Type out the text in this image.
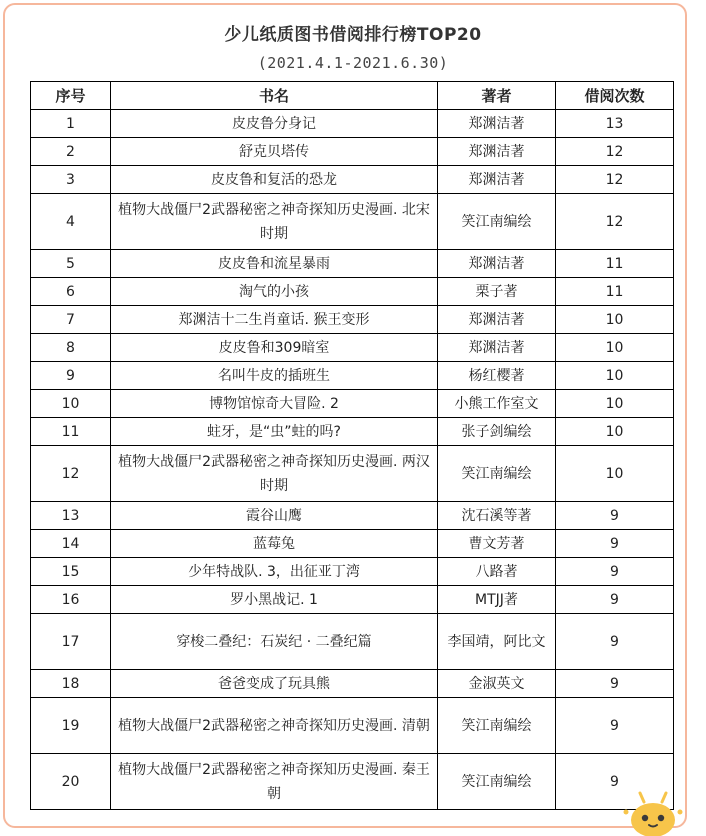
少儿纸质图书借阅排行榜TOP20
(2021.4.1-2021.6.30)
序号	书名	著者	借阅次数
1	皮皮鲁分身记	郑渊洁著	13
2	舒克贝塔传	郑渊洁著	12
3	皮皮鲁和复活的恐龙	郑渊洁著	12
4	植物大战僵尸2武器秘密之神奇探知历史漫画. 北宋时期	笑江南编绘	12
5	皮皮鲁和流星暴雨	郑渊洁著	11
6	淘气的小孩	栗子著	11
7	郑渊洁十二生肖童话. 猴王变形	郑渊洁著	10
8	皮皮鲁和309暗室	郑渊洁著	10
9	名叫牛皮的插班生	杨红樱著	10
10	博物馆惊奇大冒险. 2	小熊工作室文	10
11	蛀牙，是“虫”蛀的吗?	张子剑编绘	10
12	植物大战僵尸2武器秘密之神奇探知历史漫画. 两汉时期	笑江南编绘	10
13	霞谷山鹰	沈石溪等著	9
14	蓝莓兔	曹文芳著	9
15	少年特战队. 3，出征亚丁湾	八路著	9
16	罗小黑战记. 1	MTJJ著	9
17	穿梭二叠纪：石炭纪 · 二叠纪篇	李国靖，阿比文	9
18	爸爸变成了玩具熊	金淑英文	9
19	植物大战僵尸2武器秘密之神奇探知历史漫画. 清朝	笑江南编绘	9
20	植物大战僵尸2武器秘密之神奇探知历史漫画. 秦王朝	笑江南编绘	9
